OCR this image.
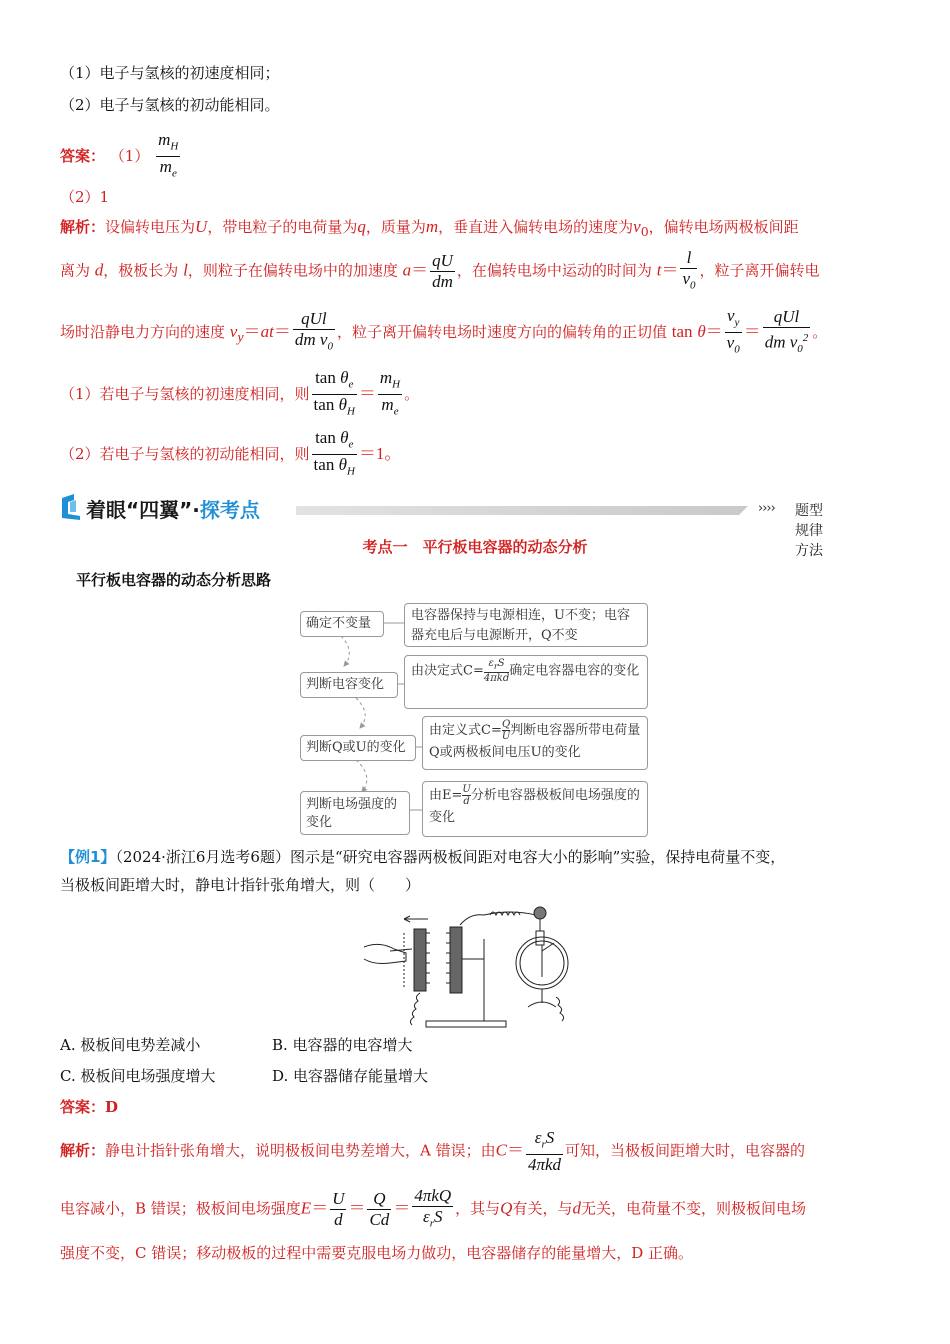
（1）电子与氢核的初速度相同；
（2）电子与氢核的初动能相同。
答案： $(1) \frac{m_H}{m_e}$
（2）1
解析：设偏转电压为U，带电粒子的电荷量为q，质量为m，垂直进入偏转电场的速度为$v_0$，偏转电场两极板间距
离为 d，极板长为 l，则粒子在偏转电场中的加速度 $a= \frac{qU}{dm}$ ，在偏转电场中运动的时间为 $t= \frac{l}{v_0}$ ，粒子离开偏转电
场时沿静电力方向的速度 $v_y=at= \frac{\text{qUl}}{dm v_0}$ ，粒子离开偏转电场时速度方向的偏转角的正切值 $\tan \theta= \frac{v_y}{v_0} = \frac{\text{qUl}}{dm v_0^2}$ 。
（1）若电子与氢核的初速度相同，则 $\frac{\tan \theta_e}{\tan \theta_H} = \frac{m_H}{m_e}$ 。
（2）若电子与氢核的初动能相同，则 $\frac{\tan \theta_e}{\tan \theta_H} =1$。
着眼“四翼”·探考点	›››› 题型 规律 方法
考点一　平行板电容器的动态分析
平行板电容器的动态分析思路
确定不变量
电容器保持与电源相连，U不变；电容器充电后与电源断开，Q不变
判断电容变化
由决定式$C= \varepsilon_rS$
4πkd 确定电容器电容的变化
判断Q或U的变化
由定义式$C= \frac{Q}{U}$ 判断电容器所带电荷量Q或两极板间电压U的变化
判断电场强度的变化
由$E= \frac{U}{d}$ 分析电容器极板间电场强度的变化
【例1】（2024·浙江6月选考6题）图示是“研究电容器两极板间距对电容大小的影响”实验，保持电荷量不变，
当极板间距增大时，静电计指针张角增大，则（　　）
A. 极板间电势差减小	B. 电容器的电容增大
C. 极板间电场强度增大	D. 电容器储存能量增大
答案：D
解析：静电计指针张角增大，说明极板间电势差增大，A 错误；由$C= \frac{\varepsilon_rS}{\text{4πkd}}$ 可知，当极板间距增大时，电容器的
电容减小，B 错误；极板间电场强度$E= \frac{U}{d} = \frac{Q}{Cd} = \frac{\text{4πkQ}}{\varepsilon_rS}$ ，其与Q有关，与d无关，电荷量不变，则极板间电场
强度不变，C 错误；移动极板的过程中需要克服电场力做功，电容器储存的能量增大，D 正确。
